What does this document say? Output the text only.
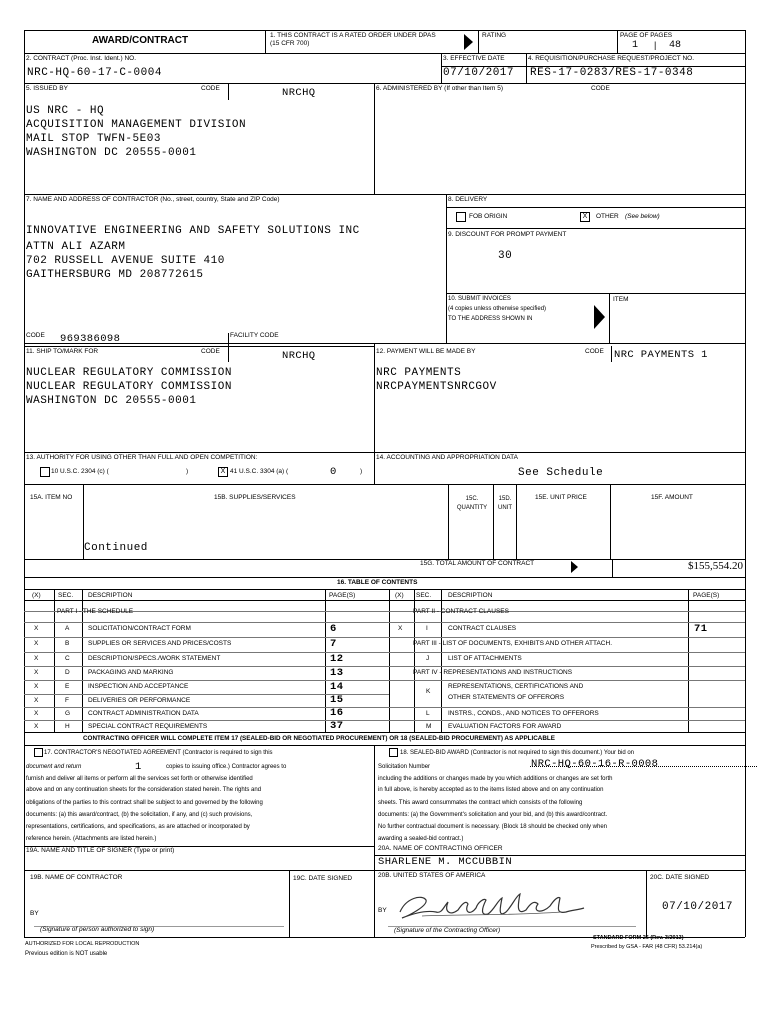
AWARD/CONTRACT	1. THIS CONTRACT IS A RATED ORDER UNDER DPAS (15 CFR 700)
RATING	PAGE OF PAGES
1 | 48
2. CONTRACT (Proc. Inst. Ident.) NO.
NRC-HQ-60-17-C-0004
3. EFFECTIVE DATE
07/10/2017
4. REQUISITION/PURCHASE REQUEST/PROJECT NO.
RES-17-0283/RES-17-0348
5. ISSUED BY	CODE	NRCHQ	6. ADMINISTERED BY (If other than Item 5)	CODE
US NRC - HQ
ACQUISITION MANAGEMENT DIVISION
MAIL STOP TWFN-5E03
WASHINGTON DC 20555-0001
7. NAME AND ADDRESS OF CONTRACTOR (No., street, country, State and ZIP Code)
INNOVATIVE ENGINEERING AND SAFETY SOLUTIONS INC
ATTN ALI AZARM
702 RUSSELL AVENUE SUITE 410
GAITHERSBURG MD 208772615
8. DELIVERY
FOB ORIGIN	X	OTHER (See below)
9. DISCOUNT FOR PROMPT PAYMENT
30
10. SUBMIT INVOICES
(4 copies unless otherwise specified)
TO THE ADDRESS SHOWN IN
ITEM
CODE 969386098	FACILITY CODE
11. SHIP TO/MARK FOR	CODE	NRCHQ	12. PAYMENT WILL BE MADE BY	CODE NRC PAYMENTS 1
NUCLEAR REGULATORY COMMISSION
NUCLEAR REGULATORY COMMISSION
WASHINGTON DC 20555-0001
NRC PAYMENTS
NRCPAYMENTSNRCGOV
13. AUTHORITY FOR USING OTHER THAN FULL AND OPEN COMPETITION:
10 U.S.C. 2304 (c) (	)	X 41 U.S.C. 3304 (a) (	0	)
14. ACCOUNTING AND APPROPRIATION DATA
See Schedule
15A. ITEM NO	15B. SUPPLIES/SERVICES	15C. QUANTITY
15D. UNIT
15E. UNIT PRICE	15F. AMOUNT
Continued
15G. TOTAL AMOUNT OF CONTRACT	$155,554.20
16. TABLE OF CONTENTS
(X)	SEC. DESCRIPTION	PAGE(S)	(X) SEC.	DESCRIPTION	PAGE(S)
PART I - THE SCHEDULE	PART II - CONTRACT CLAUSES
X	A	SOLICITATION/CONTRACT FORM	6
X	B	SUPPLIES OR SERVICES AND PRICES/COSTS	7
X	C	DESCRIPTION/SPECS./WORK STATEMENT	12
X	D	PACKAGING AND MARKING	13
X	E	INSPECTION AND ACCEPTANCE	14
X	F	DELIVERIES OR PERFORMANCE	15
X	G	CONTRACT ADMINISTRATION DATA	16
X	H	SPECIAL CONTRACT REQUIREMENTS	37
X	I	CONTRACT CLAUSES	71
PART III - LIST OF DOCUMENTS, EXHIBITS AND OTHER ATTACH.
J	LIST OF ATTACHMENTS
PART IV - REPRESENTATIONS AND INSTRUCTIONS
K
REPRESENTATIONS, CERTIFICATIONS AND
OTHER STATEMENTS OF OFFERORS
L	INSTRS., CONDS., AND NOTICES TO OFFERORS
M	EVALUATION FACTORS FOR AWARD
CONTRACTING OFFICER WILL COMPLETE ITEM 17 (SEALED-BID OR NEGOTIATED PROCUREMENT) OR 18 (SEALED-BID PROCUREMENT) AS APPLICABLE
17. CONTRACTOR'S NEGOTIATED AGREEMENT (Contractor is required to sign this
document and return	1	copies to issuing office.) Contractor agrees to
furnish and deliver all items or perform all the services set forth or otherwise identified
above and on any continuation sheets for the consideration stated herein. The rights and
obligations of the parties to this contract shall be subject to and governed by the following
documents: (a) this award/contract, (b) the solicitation, if any, and (c) such provisions,
representations, certifications, and specifications, as are attached or incorporated by
reference herein. (Attachments are listed herein.)
18. SEALED-BID AWARD (Contractor is not required to sign this document.) Your bid on
Solicitation Number	NRC-HQ-60-16-R-0008
including the additions or changes made by you which additions or changes are set forth
in full above, is hereby accepted as to the items listed above and on any continuation
sheets. This award consummates the contract which consists of the following
documents: (a) the Government's solicitation and your bid, and (b) this award/contract.
No further contractual document is necessary. (Block 18 should be checked only when
awarding a sealed-bid contract.)
19A. NAME AND TITLE OF SIGNER (Type or print)	20A. NAME OF CONTRACTING OFFICER
SHARLENE M. MCCUBBIN
19B. NAME OF CONTRACTOR	19C. DATE SIGNED	20B. UNITED STATES OF AMERICA	20C. DATE SIGNED
07/10/2017
BY	BY
(Signature of person authorized to sign)	(Signature of the Contracting Officer)
AUTHORIZED FOR LOCAL REPRODUCTION
Previous edition is NOT usable
STANDARD FORM 26 (Rev. 3/2013)
Prescribed by GSA - FAR (48 CFR) 53.214(a)
